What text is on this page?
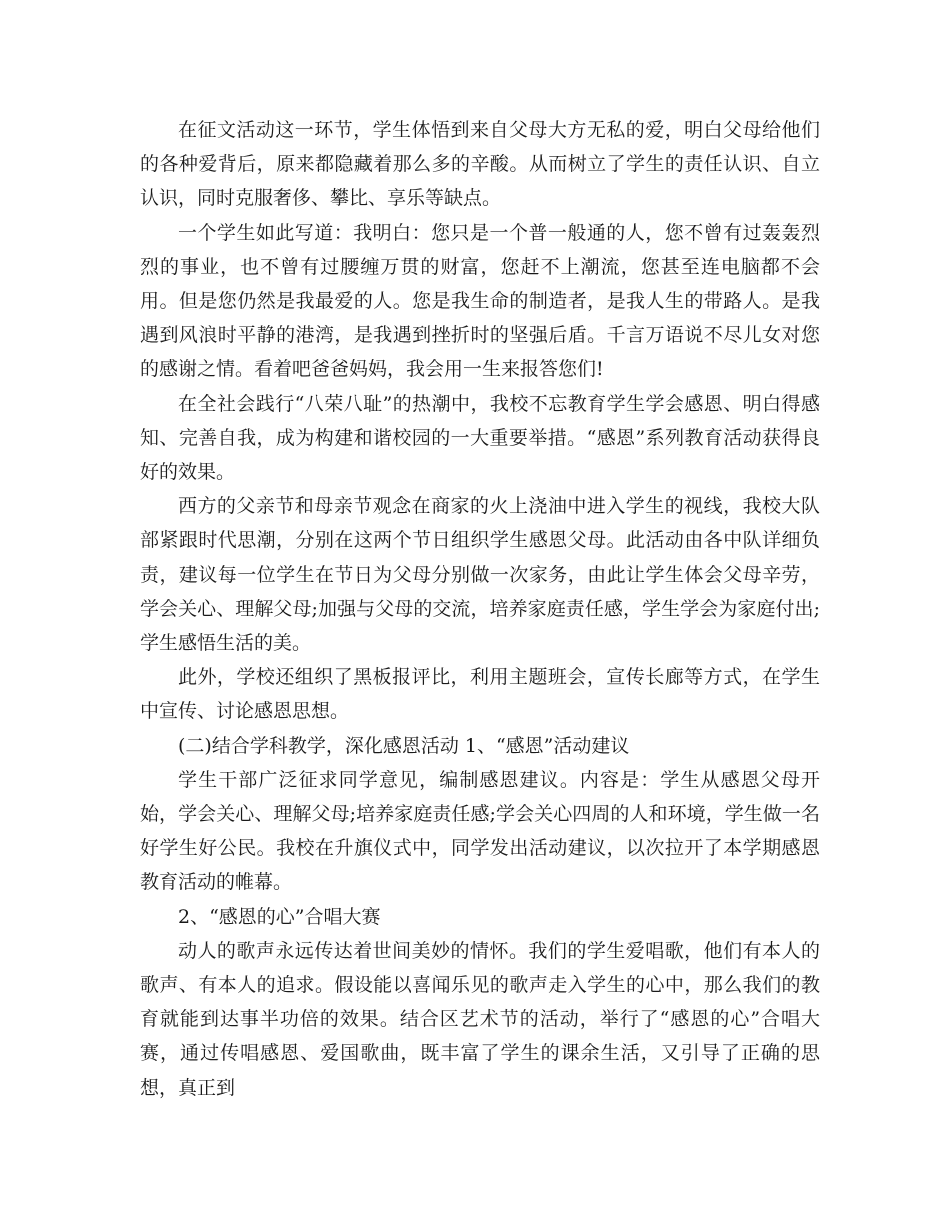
在征文活动这一环节，学生体悟到来自父母大方无私的爱，明白父母给他们的各种爱背后，原来都隐藏着那么多的辛酸。从而树立了学生的责任认识、自立认识，同时克服奢侈、攀比、享乐等缺点。

一个学生如此写道：我明白：您只是一个普一般通的人，您不曾有过轰轰烈烈的事业，也不曾有过腰缠万贯的财富，您赶不上潮流，您甚至连电脑都不会用。但是您仍然是我最爱的人。您是我生命的制造者，是我人生的带路人。是我遇到风浪时平静的港湾，是我遇到挫折时的坚强后盾。千言万语说不尽儿女对您的感谢之情。看着吧爸爸妈妈，我会用一生来报答您们!

在全社会践行“八荣八耻”的热潮中，我校不忘教育学生学会感恩、明白得感知、完善自我，成为构建和谐校园的一大重要举措。“感恩”系列教育活动获得良好的效果。

西方的父亲节和母亲节观念在商家的火上浇油中进入学生的视线，我校大队部紧跟时代思潮，分别在这两个节日组织学生感恩父母。此活动由各中队详细负责，建议每一位学生在节日为父母分别做一次家务，由此让学生体会父母辛劳，学会关心、理解父母;加强与父母的交流，培养家庭责任感，学生学会为家庭付出;学生感悟生活的美。

此外，学校还组织了黑板报评比，利用主题班会，宣传长廊等方式，在学生中宣传、讨论感恩思想。

(二)结合学科教学，深化感恩活动 1、“感恩”活动建议

学生干部广泛征求同学意见，编制感恩建议。内容是：学生从感恩父母开始，学会关心、理解父母;培养家庭责任感;学会关心四周的人和环境，学生做一名好学生好公民。我校在升旗仪式中，同学发出活动建议，以次拉开了本学期感恩教育活动的帷幕。

2、“感恩的心”合唱大赛

动人的歌声永远传达着世间美妙的情怀。我们的学生爱唱歌，他们有本人的歌声、有本人的追求。假设能以喜闻乐见的歌声走入学生的心中，那么我们的教育就能到达事半功倍的效果。结合区艺术节的活动，举行了“感恩的心”合唱大赛，通过传唱感恩、爱国歌曲，既丰富了学生的课余生活，又引导了正确的思想，真正到
